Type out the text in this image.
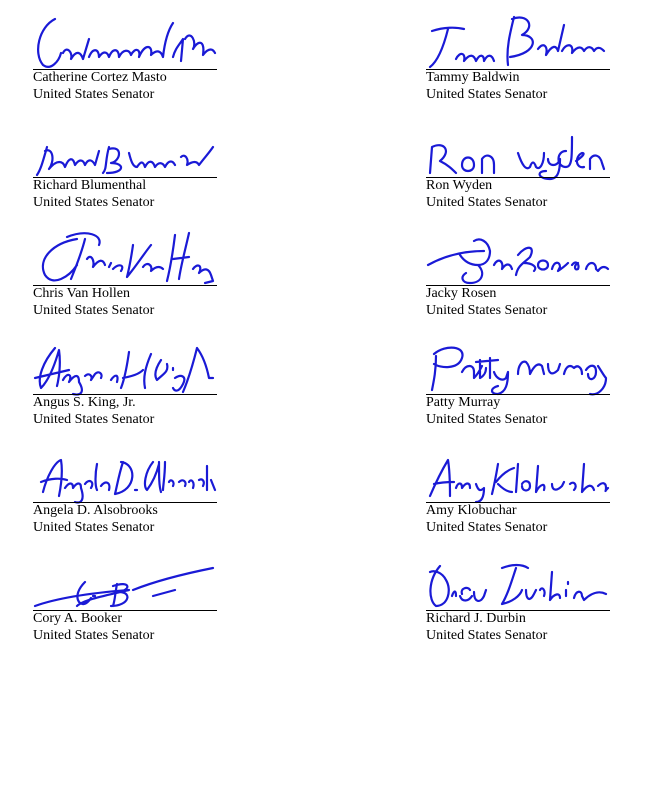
Catherine Cortez Masto
United States Senator
Tammy Baldwin
United States Senator
Richard Blumenthal
United States Senator
Ron Wyden
United States Senator
Chris Van Hollen
United States Senator
Jacky Rosen
United States Senator
Angus S. King, Jr.
United States Senator
Patty Murray
United States Senator
Angela D. Alsobrooks
United States Senator
Amy Klobuchar
United States Senator
Cory A. Booker
United States Senator
Richard J. Durbin
United States Senator
